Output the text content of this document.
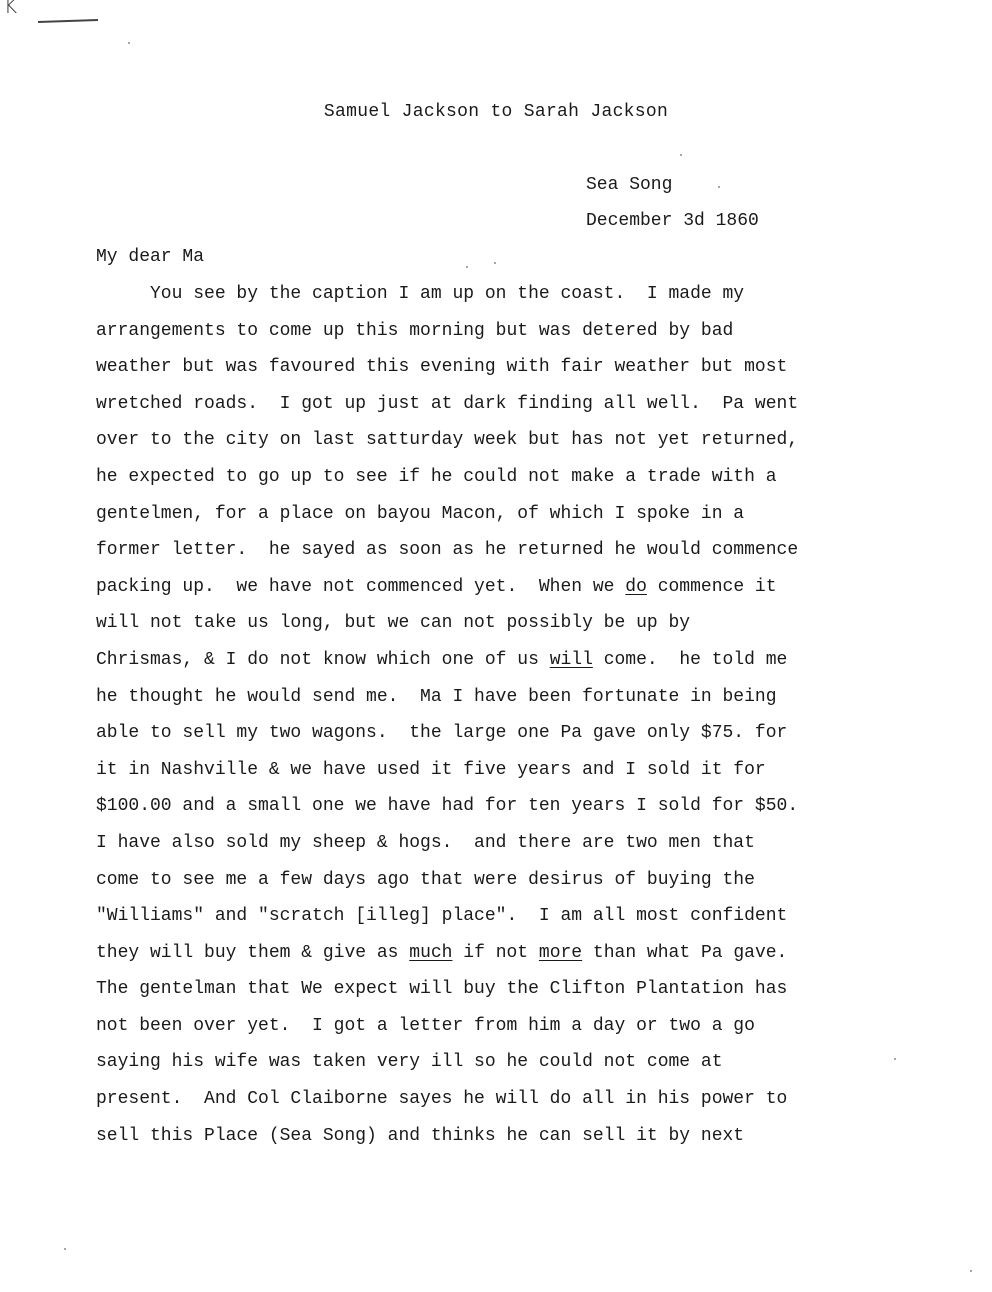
K
Samuel Jackson to Sarah Jackson
Sea Song
December 3d 1860
My dear Ma
You see by the caption I am up on the coast.  I made my
arrangements to come up this morning but was detered by bad
weather but was favoured this evening with fair weather but most
wretched roads.  I got up just at dark finding all well.  Pa went
over to the city on last satturday week but has not yet returned,
he expected to go up to see if he could not make a trade with a
gentelmen, for a place on bayou Macon, of which I spoke in a
former letter.  he sayed as soon as he returned he would commence
packing up.  we have not commenced yet.  When we do commence it
will not take us long, but we can not possibly be up by
Chrismas, & I do not know which one of us will come.  he told me
he thought he would send me.  Ma I have been fortunate in being
able to sell my two wagons.  the large one Pa gave only $75. for
it in Nashville & we have used it five years and I sold it for
$100.00 and a small one we have had for ten years I sold for $50.
I have also sold my sheep & hogs.  and there are two men that
come to see me a few days ago that were desirus of buying the
"Williams" and "scratch [illeg] place".  I am all most confident
they will buy them & give as much if not more than what Pa gave.
The gentelman that We expect will buy the Clifton Plantation has
not been over yet.  I got a letter from him a day or two a go
saying his wife was taken very ill so he could not come at
present.  And Col Claiborne sayes he will do all in his power to
sell this Place (Sea Song) and thinks he can sell it by next
